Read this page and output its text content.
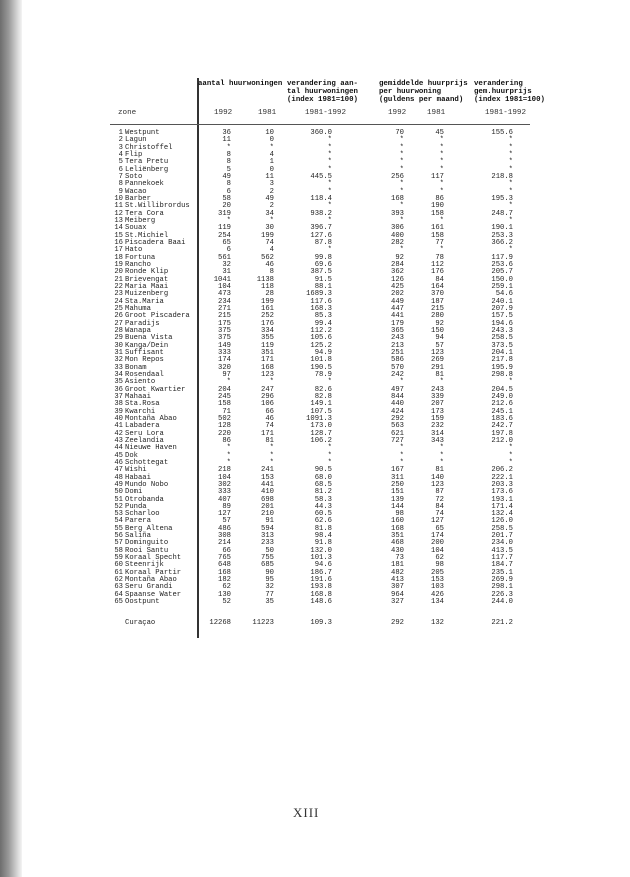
aantal huurwoningen verandering aan-
tal huurwoningen
(index 1981=100)
gemiddelde huurprijs
per huurwoning
(guldens per maand)
verandering
gem.huurprijs
(index 1981=100)
zone	1992	1981	1981-1992	1992	1981	1981-1992
1 Westpunt	36	10	360.0	70	45	155.6
2 Lagun	11	0	*	*	*	*
3 Christoffel	*	*	*	*	*	*
4 Flip	8	4	*	*	*	*
5 Tera Pretu	8	1	*	*	*	*
6 Leliënberg	5	0	*	*	*	*
7 Soto	49	11	445.5	256	117	218.8
8 Pannekoek	8	3	*	*	*	*
9 Wacao	6	2	*	*	*	*
10 Barber	58	49	118.4	168	86	195.3
11 St.Willibrordus	20	2	*	*	190	*
12 Tera Cora	319	34	938.2	393	158	248.7
13 Meiberg	*	*	*	*	*	*
14 Souax	119	30	396.7	306	161	190.1
15 St.Michiel	254	199	127.6	400	158	253.3
16 Piscadera Baai	65	74	87.8	282	77	366.2
17 Hato	6	4	*	*	*	*
18 Fortuna	561	562	99.8	92	78	117.9
19 Rancho	32	46	69.6	284	112	253.6
20 Ronde Klip	31	8	387.5	362	176	205.7
21 Brievengat	1041	1138	91.5	126	84	150.0
22 Maria Maai	104	118	88.1	425	164	259.1
23 Muizenberg	473	28	1689.3	202	370	54.6
24 Sta.Maria	234	199	117.6	449	187	240.1
25 Mahuma	271	161	168.3	447	215	207.9
26 Groot Piscadera	215	252	85.3	441	280	157.5
27 Paradijs	175	176	99.4	179	92	194.6
28 Wanapa	375	334	112.2	365	150	243.3
29 Buena Vista	375	355	105.6	243	94	258.5
30 Kanga/Dein	149	119	125.2	213	57	373.5
31 Suffisant	333	351	94.9	251	123	204.1
32 Mon Repos	174	171	101.8	586	269	217.8
33 Bonam	320	168	190.5	570	291	195.9
34 Rosendaal	97	123	78.9	242	81	298.8
35 Asiento	*	*	*	*	*	*
36 Groot Kwartier	204	247	82.6	497	243	204.5
37 Mahaai	245	296	82.8	844	339	249.0
38 Sta.Rosa	158	106	149.1	440	207	212.6
39 Kwarchi	71	66	107.5	424	173	245.1
40 Montaña Abao	502	46	1091.3	292	159	183.6
41 Labadera	128	74	173.0	563	232	242.7
42 Seru Lora	220	171	128.7	621	314	197.8
43 Zeelandia	86	81	106.2	727	343	212.0
44 Nieuwe Haven	*	*	*	*	*	*
45 Dok	*	*	*	*	*	*
46 Schottegat	*	*	*	*	*	*
47 Wishi	218	241	90.5	167	81	206.2
48 Habaai	104	153	68.0	311	140	222.1
49 Mundo Nobo	302	441	68.5	250	123	203.3
50 Domi	333	410	81.2	151	87	173.6
51 Otrobanda	407	698	58.3	139	72	193.1
52 Punda	89	201	44.3	144	84	171.4
53 Scharloo	127	210	60.5	98	74	132.4
54 Parera	57	91	62.6	160	127	126.0
55 Berg Altena	486	594	81.8	168	65	258.5
56 Saliña	308	313	98.4	351	174	201.7
57 Dominguito	214	233	91.8	468	200	234.0
58 Rooi Santu	66	50	132.0	430	104	413.5
59 Koraal Specht	765	755	101.3	73	62	117.7
60 Steenrijk	648	685	94.6	181	98	184.7
61 Koraal Partir	168	90	186.7	482	205	235.1
62 Montaña Abao	182	95	191.6	413	153	269.9
63 Seru Grandi	62	32	193.8	307	103	298.1
64 Spaanse Water	130	77	168.8	964	426	226.3
65 Oostpunt	52	35	148.6	327	134	244.0
Curaçao	12268	11223	109.3	292	132	221.2
XIII
